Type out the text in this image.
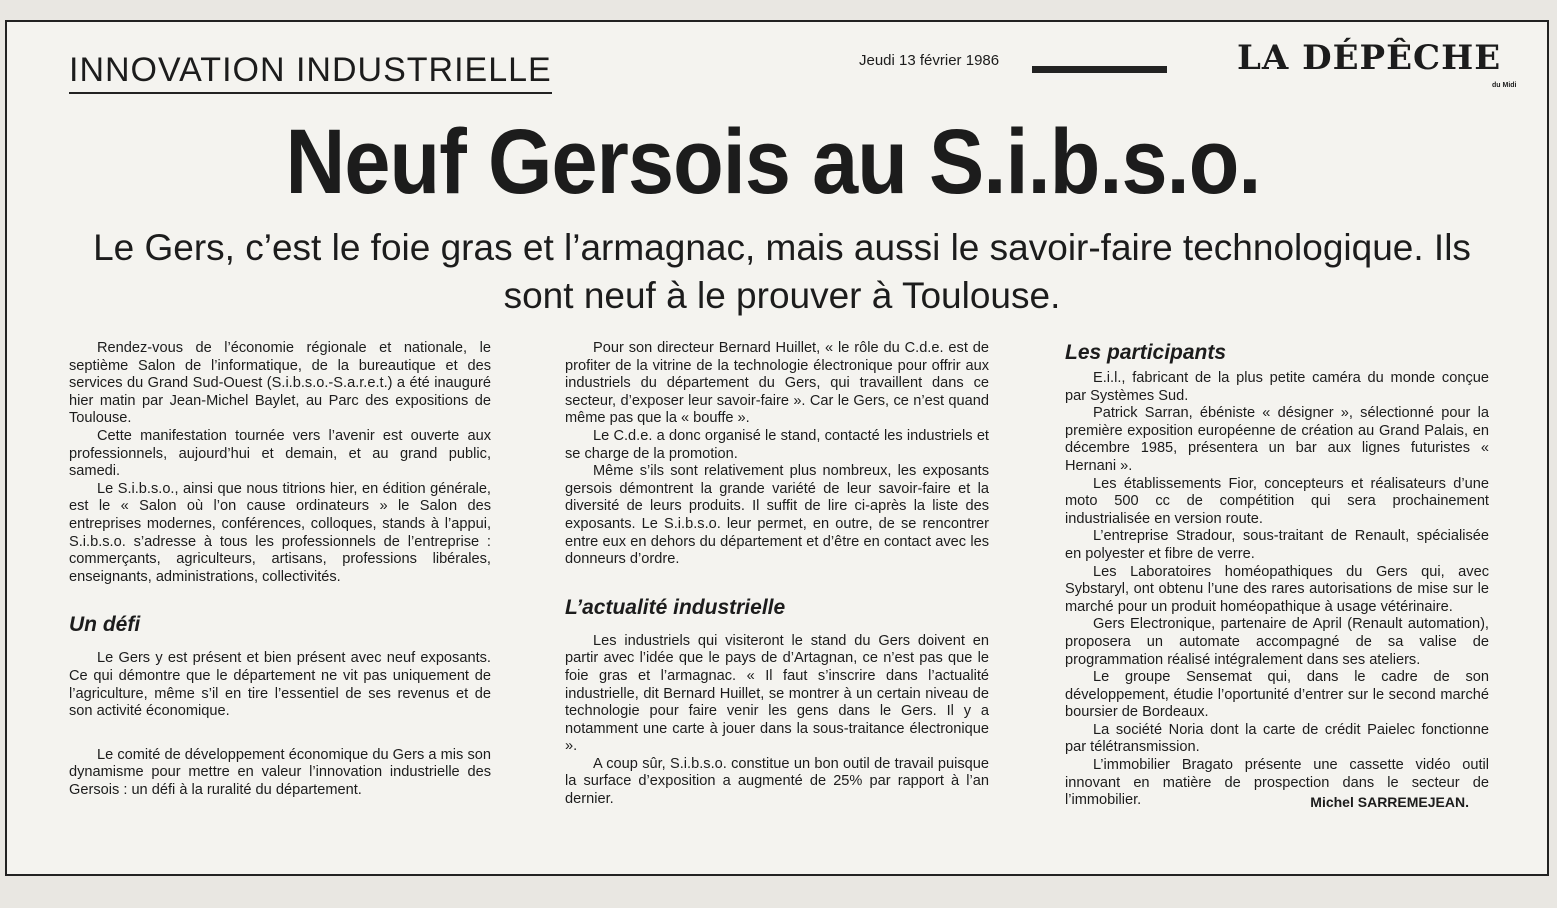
INNOVATION INDUSTRIELLE	Jeudi 13 février 1986	LA DÉPÊCHE
du Midi
Neuf Gersois au S.i.b.s.o.
Le Gers, c’est le foie gras et l’armagnac, mais aussi le savoir-faire technologique. Ils sont neuf à le prouver à Toulouse.

Rendez-vous de l’économie régionale et nationale, le septième Salon de l’informatique, de la bureautique et des services du Grand Sud-Ouest (S.i.b.s.o.-S.a.r.e.t.) a été inauguré hier matin par Jean-Michel Baylet, au Parc des expositions de Toulouse.

Cette manifestation tournée vers l’avenir est ouverte aux professionnels, aujourd’hui et demain, et au grand public, samedi.

Le S.i.b.s.o., ainsi que nous titrions hier, en édition générale, est le « Salon où l’on cause ordinateurs » le Salon des entreprises modernes, conférences, colloques, stands à l’appui, S.i.b.s.o. s’adresse à tous les professionnels de l’entreprise : commerçants, agriculteurs, artisans, professions libérales, enseignants, administrations, collectivités.

Un défi

Le Gers y est présent et bien présent avec neuf exposants. Ce qui démontre que le département ne vit pas uniquement de l’agriculture, même s’il en tire l’essentiel de ses revenus et de son activité économique.

Le comité de développement économique du Gers a mis son dynamisme pour mettre en valeur l’innovation industrielle des Gersois : un défi à la ruralité du département.

Pour son directeur Bernard Huillet, « le rôle du C.d.e. est de profiter de la vitrine de la technologie électronique pour offrir aux industriels du département du Gers, qui travaillent dans ce secteur, d’exposer leur savoir-faire ». Car le Gers, ce n’est quand même pas que la « bouffe ».

Le C.d.e. a donc organisé le stand, contacté les industriels et se charge de la promotion.

Même s’ils sont relativement plus nombreux, les exposants gersois démontrent la grande variété de leur savoir-faire et la diversité de leurs produits. Il suffit de lire ci-après la liste des exposants. Le S.i.b.s.o. leur permet, en outre, de se rencontrer entre eux en dehors du département et d’être en contact avec les donneurs d’ordre.

L’actualité industrielle

Les industriels qui visiteront le stand du Gers doivent en partir avec l’idée que le pays de d’Artagnan, ce n’est pas que le foie gras et l’armagnac. « Il faut s’inscrire dans l’actualité industrielle, dit Bernard Huillet, se montrer à un certain niveau de technologie pour faire venir les gens dans le Gers. Il y a notamment une carte à jouer dans la sous-traitance électronique ».

A coup sûr, S.i.b.s.o. constitue un bon outil de travail puisque la surface d’exposition a augmenté de 25% par rapport à l’an dernier.

Les participants

E.i.l., fabricant de la plus petite caméra du monde conçue par Systèmes Sud.

Patrick Sarran, ébéniste « désigner », sélectionné pour la première exposition européenne de création au Grand Palais, en décembre 1985, présentera un bar aux lignes futuristes « Hernani ».

Les établissements Fior, concepteurs et réalisateurs d’une moto 500 cc de compétition qui sera prochainement industrialisée en version route.

L’entreprise Stradour, sous-traitant de Renault, spécialisée en polyester et fibre de verre.

Les Laboratoires homéopathiques du Gers qui, avec Sybstaryl, ont obtenu l’une des rares autorisations de mise sur le marché pour un produit homéopathique à usage vétérinaire.

Gers Electronique, partenaire de April (Renault automation), proposera un automate accompagné de sa valise de programmation réalisé intégralement dans ses ateliers.

Le groupe Sensemat qui, dans le cadre de son développement, étudie l’oportunité d’entrer sur le second marché boursier de Bordeaux.

La société Noria dont la carte de crédit Paielec fonctionne par télétransmission.

L’immobilier Bragato présente une cassette vidéo outil innovant en matière de prospection dans le secteur de l’immobilier.	Michel SARREMEJEAN.
